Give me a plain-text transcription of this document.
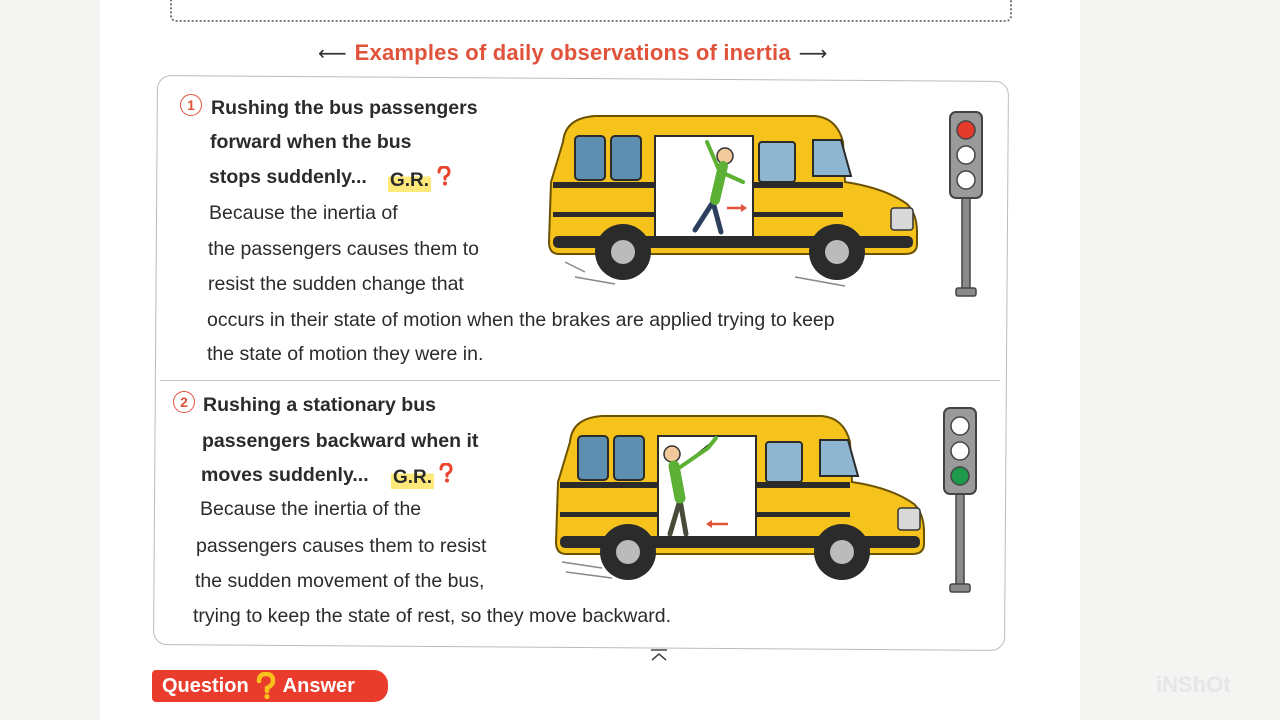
⟵ Examples of daily observations of inertia ⟶
1 Rushing the bus passengers
forward when the bus
stops suddenly... G.R.
Because the inertia of
the passengers causes them to
resist the sudden change that
occurs in their state of motion when the brakes are applied trying to keep
the state of motion they were in.
2 Rushing a stationary bus
passengers backward when it
moves suddenly... G.R.
Because the inertia of the
passengers causes them to resist
the sudden movement of the bus,
trying to keep the state of rest, so they move backward.
Question Answer	iNShOt
